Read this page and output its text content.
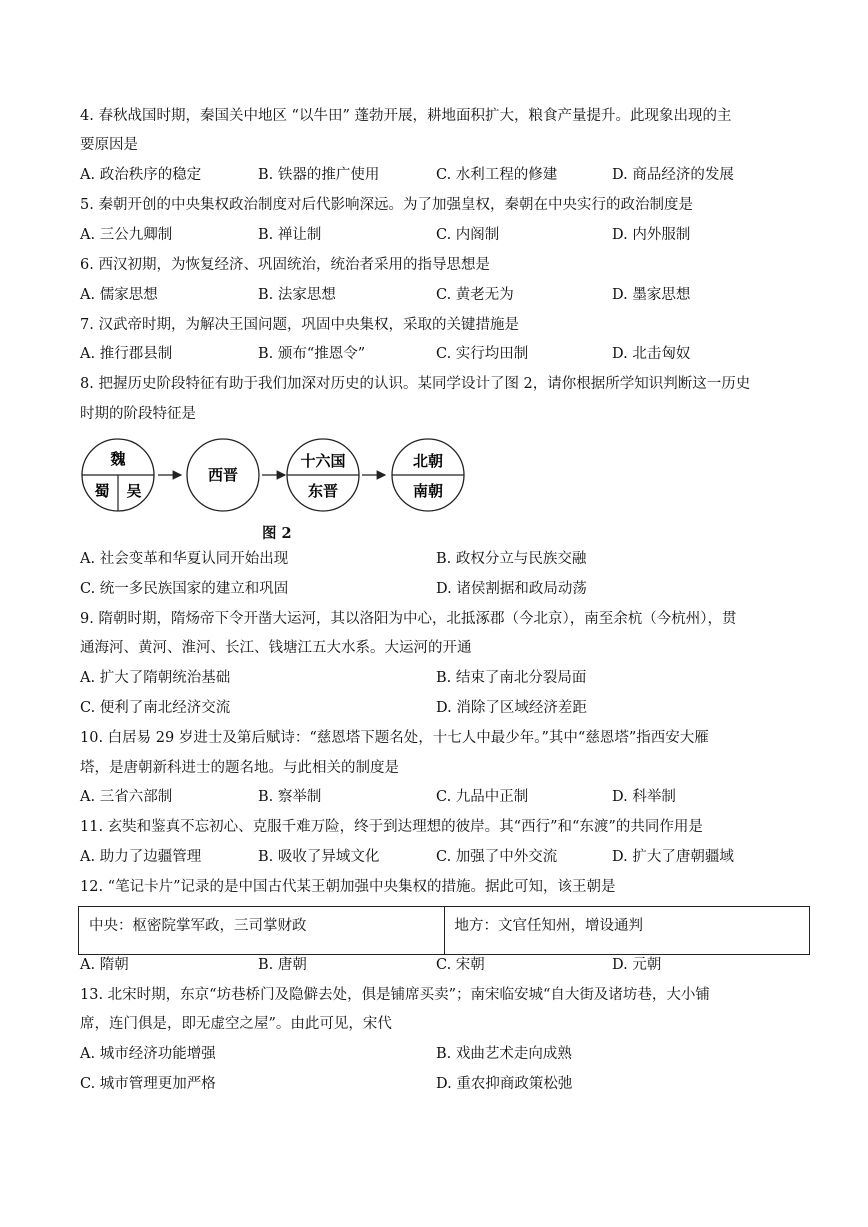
4. 春秋战国时期，秦国关中地区 “以牛田” 蓬勃开展，耕地面积扩大，粮食产量提升。此现象出现的主
要原因是
A. 政治秩序的稳定	B. 铁器的推广使用	C. 水利工程的修建	D. 商品经济的发展
5. 秦朝开创的中央集权政治制度对后代影响深远。为了加强皇权，秦朝在中央实行的政治制度是
A. 三公九卿制	B. 禅让制	C. 内阁制	D. 内外服制
6. 西汉初期，为恢复经济、巩固统治，统治者采用的指导思想是
A. 儒家思想	B. 法家思想	C. 黄老无为	D. 墨家思想
7. 汉武帝时期，为解决王国问题，巩固中央集权，采取的关键措施是
A. 推行郡县制	B. 颁布“推恩令”	C. 实行均田制	D. 北击匈奴
8. 把握历史阶段特征有助于我们加深对历史的认识。某同学设计了图 2，请你根据所学知识判断这一历史
时期的阶段特征是
魏
蜀 吴
西晋
十六国
东晋
北朝
南朝
图 2
A. 社会变革和华夏认同开始出现	B. 政权分立与民族交融
C. 统一多民族国家的建立和巩固	D. 诸侯割据和政局动荡
9. 隋朝时期，隋炀帝下令开凿大运河，其以洛阳为中心，北抵涿郡（今北京），南至余杭（今杭州），贯
通海河、黄河、淮河、长江、钱塘江五大水系。大运河的开通
A. 扩大了隋朝统治基础	B. 结束了南北分裂局面
C. 便利了南北经济交流	D. 消除了区域经济差距
10. 白居易 29 岁进士及第后赋诗：“慈恩塔下题名处，十七人中最少年。”其中“慈恩塔”指西安大雁
塔，是唐朝新科进士的题名地。与此相关的制度是
A. 三省六部制	B. 察举制	C. 九品中正制	D. 科举制
11. 玄奘和鉴真不忘初心、克服千难万险，终于到达理想的彼岸。其“西行”和“东渡”的共同作用是
A. 助力了边疆管理	B. 吸收了异域文化	C. 加强了中外交流	D. 扩大了唐朝疆域
12. “笔记卡片”记录的是中国古代某王朝加强中央集权的措施。据此可知，该王朝是
中央：枢密院掌军政，三司掌财政	地方：文官任知州，增设通判
A. 隋朝	B. 唐朝	C. 宋朝	D. 元朝
13. 北宋时期，东京“坊巷桥门及隐僻去处，俱是铺席买卖”；南宋临安城“自大街及诸坊巷，大小铺
席，连门俱是，即无虚空之屋”。由此可见，宋代
A. 城市经济功能增强	B. 戏曲艺术走向成熟
C. 城市管理更加严格	D. 重农抑商政策松弛
